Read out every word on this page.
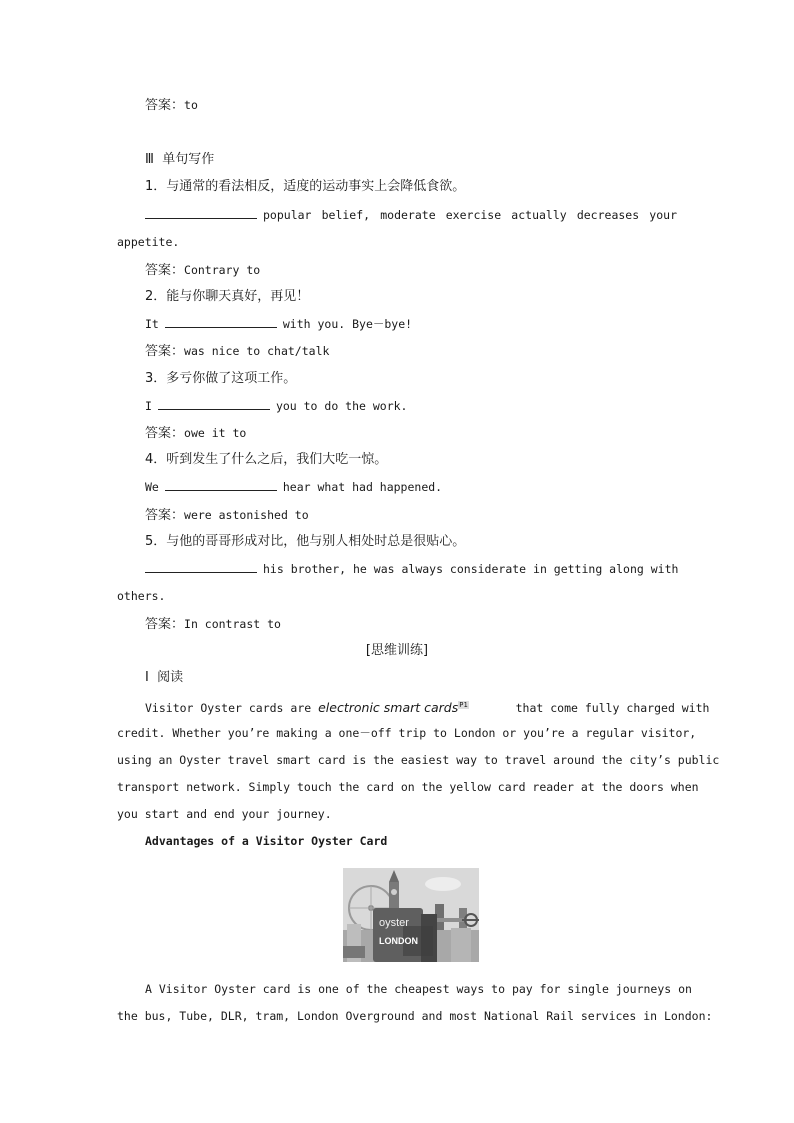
答案：to
Ⅲ 单句写作
1．与通常的看法相反，适度的运动事实上会降低食欲。
popular belief, moderate exercise actually decreases your
appetite.
答案：Contrary to
2．能与你聊天真好，再见！
It	with you. Bye－bye!
答案：was nice to chat/talk
3．多亏你做了这项工作。
I	you to do the work.
答案：owe it to
4．听到发生了什么之后，我们大吃一惊。
We	hear what had happened.
答案：were astonished to
5．与他的哥哥形成对比，他与别人相处时总是很贴心。
his brother, he was always considerate in getting along with
others.
答案：In contrast to
[思维训练]
Ⅰ 阅读
Visitor Oyster cards are electronic smart cards$^{P1}$	that come fully charged with
credit. Whether you’re making a one－off trip to London or you’re a regular visitor,
using an Oyster travel smart card is the easiest way to travel around the city’s public
transport network. Simply touch the card on the yellow card reader at the doors when
you start and end your journey.
Advantages of a Visitor Oyster Card
oyster
LONDON
A Visitor Oyster card is one of the cheapest ways to pay for single journeys on
the bus, Tube, DLR, tram, London Overground and most National Rail services in London:
